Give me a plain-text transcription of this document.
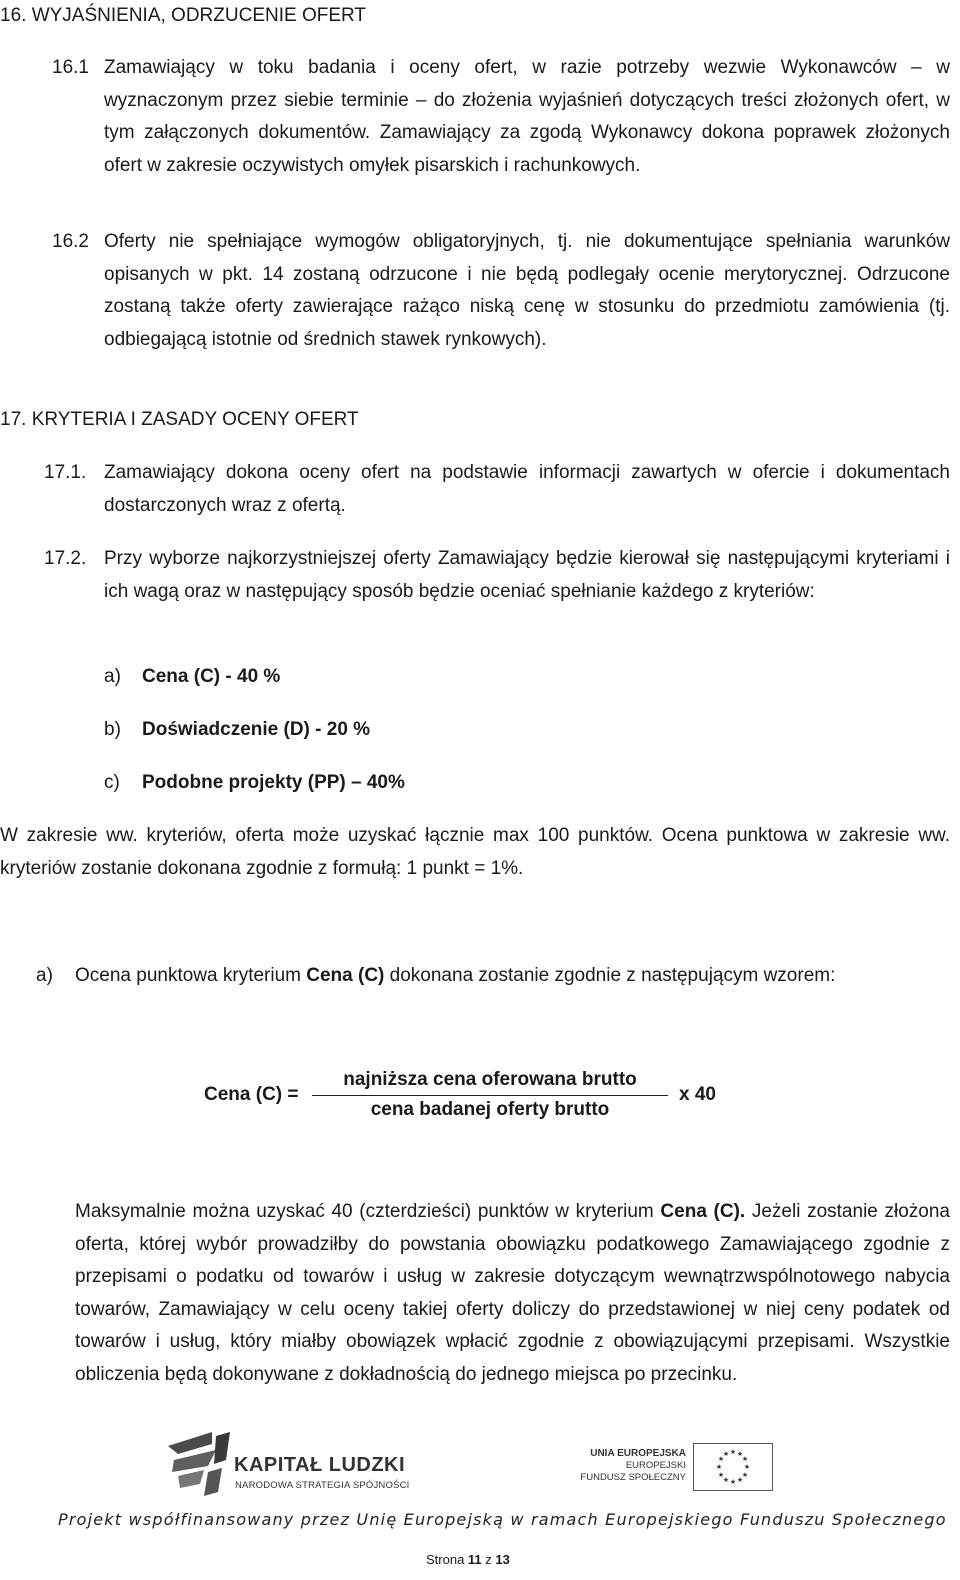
16. WYJAŚNIENIA, ODRZUCENIE OFERT
16.1 Zamawiający w toku badania i oceny ofert, w razie potrzeby wezwie Wykonawców – w wyznaczonym przez siebie terminie – do złożenia wyjaśnień dotyczących treści złożonych ofert, w tym załączonych dokumentów. Zamawiający za zgodą Wykonawcy dokona poprawek złożonych ofert w zakresie oczywistych omyłek pisarskich i rachunkowych.
16.2 Oferty nie spełniające wymogów obligatoryjnych, tj. nie dokumentujące spełniania warunków opisanych w pkt. 14 zostaną odrzucone i nie będą podlegały ocenie merytorycznej. Odrzucone zostaną także oferty zawierające rażąco niską cenę w stosunku do przedmiotu zamówienia (tj. odbiegającą istotnie od średnich stawek rynkowych).
17. KRYTERIA I ZASADY OCENY OFERT
17.1. Zamawiający dokona oceny ofert na podstawie informacji zawartych w ofercie i dokumentach dostarczonych wraz z ofertą.
17.2. Przy wyborze najkorzystniejszej oferty Zamawiający będzie kierował się następującymi kryteriami i ich wagą oraz w następujący sposób będzie oceniać spełnianie każdego z kryteriów:
a) Cena (C) - 40 %
b) Doświadczenie (D) - 20 %
c) Podobne projekty (PP) – 40%
W zakresie ww. kryteriów, oferta może uzyskać łącznie max 100 punktów. Ocena punktowa w zakresie ww. kryteriów zostanie dokonana zgodnie z formułą: 1 punkt = 1%.
a) Ocena punktowa kryterium Cena (C) dokonana zostanie zgodnie z następującym wzorem:
Cena (C) =
najniższa cena oferowana brutto
cena badanej oferty brutto
x 40
Maksymalnie można uzyskać 40 (czterdzieści) punktów w kryterium Cena (C). Jeżeli zostanie złożona oferta, której wybór prowadziłby do powstania obowiązku podatkowego Zamawiającego zgodnie z przepisami o podatku od towarów i usług w zakresie dotyczącym wewnątrzwspólnotowego nabycia towarów, Zamawiający w celu oceny takiej oferty doliczy do przedstawionej w niej ceny podatek od towarów i usług, który miałby obowiązek wpłacić zgodnie z obowiązującymi przepisami. Wszystkie obliczenia będą dokonywane z dokładnością do jednego miejsca po przecinku.
KAPITAŁ LUDZKI
NARODOWA STRATEGIA SPÓJNOŚCI
UNIA EUROPEJSKA
EUROPEJSKI
FUNDUSZ SPOŁECZNY
★ ★
★
★
★
★
★
★
★
★
★
★
Projekt współfinansowany przez Unię Europejską w ramach Europejskiego Funduszu Społecznego
Strona 11 z 13
